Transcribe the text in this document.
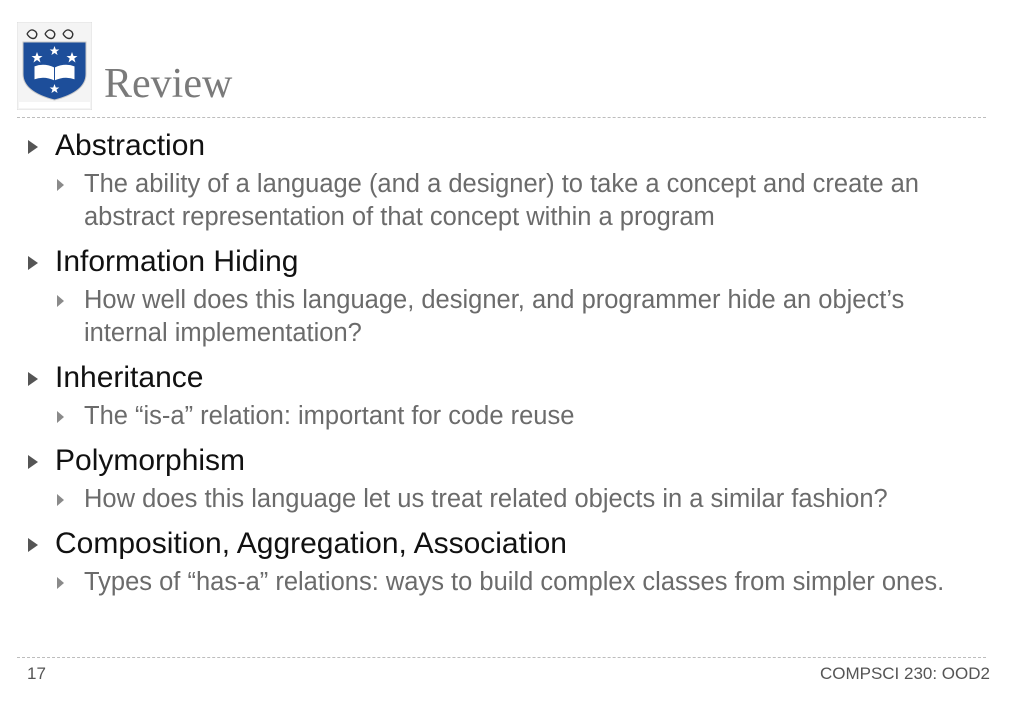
Review
Abstraction
The ability of a language (and a designer) to take a concept and create an abstract representation of that concept within a program
Information Hiding
How well does this language, designer, and programmer hide an object’s internal implementation?
Inheritance
The “is-a” relation: important for code reuse
Polymorphism
How does this language let us treat related objects in a similar fashion?
Composition, Aggregation, Association
Types of “has-a” relations: ways to build complex classes from simpler ones.
17	COMPSCI 230: OOD2
